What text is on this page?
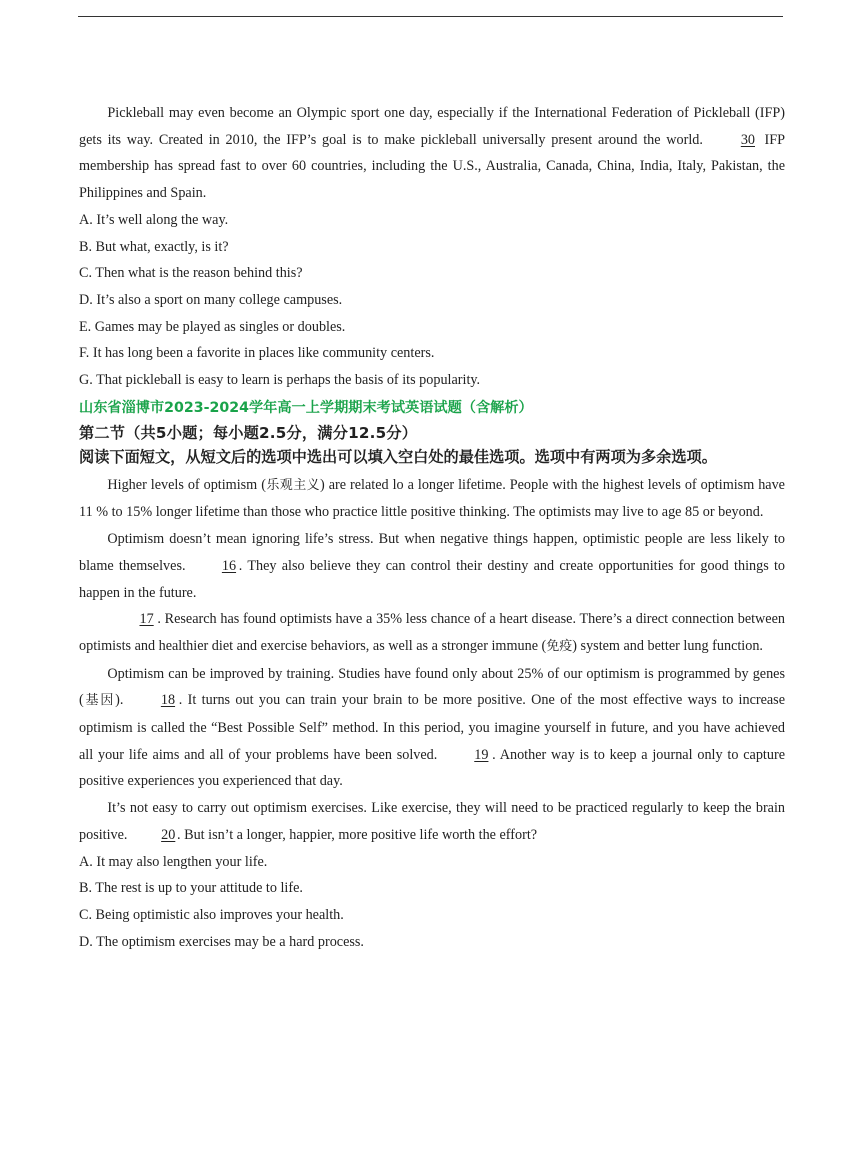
Pickleball may even become an Olympic sport one day, especially if the International Federation of Pickleball (IFP) gets its way. Created in 2010, the IFP’s goal is to make pickleball universally present around the world.	30 IFP membership has spread fast to over 60 countries, including the U.S., Australia, Canada, China, India, Italy, Pakistan, the Philippines and Spain.

A. It’s well along the way.

B. But what, exactly, is it?

C. Then what is the reason behind this?

D. It’s also a sport on many college campuses.

E. Games may be played as singles or doubles.

F. It has long been a favorite in places like community centers.

G. That pickleball is easy to learn is perhaps the basis of its popularity.

山东省淄博市2023-2024学年高一上学期期末考试英语试题（含解析）

第二节（共5小题；每小题2.5分，满分12.5分）

阅读下面短文，从短文后的选项中选出可以填入空白处的最佳选项。选项中有两项为多余选项。

Higher levels of optimism (乐观主义) are related lo a longer lifetime. People with the highest levels of optimism have 11 % to 15% longer lifetime than those who practice little positive thinking. The optimists may live to age 85 or beyond.

Optimism doesn’t mean ignoring life’s stress. But when negative things happen, optimistic people are less likely to blame themselves.	16 . They also believe they can control their destiny and create opportunities for good things to happen in the future.

17 . Research has found optimists have a 35% less chance of a heart disease. There’s a direct connection between optimists and healthier diet and exercise behaviors, as well as a stronger immune (免疫) system and better lung function.

Optimism can be improved by training. Studies have found only about 25% of our optimism is programmed by genes (基因).	18 . It turns out you can train your brain to be more positive. One of the most effective ways to increase optimism is called the “Best Possible Self” method. In this period, you imagine yourself in future, and you have achieved all your life aims and all of your problems have been solved.	19 . Another way is to keep a journal only to capture positive experiences you experienced that day.

It’s not easy to carry out optimism exercises. Like exercise, they will need to be practiced regularly to keep the brain positive. 20 . But isn’t a longer, happier, more positive life worth the effort?

A. It may also lengthen your life.

B. The rest is up to your attitude to life.

C. Being optimistic also improves your health.

D. The optimism exercises may be a hard process.
